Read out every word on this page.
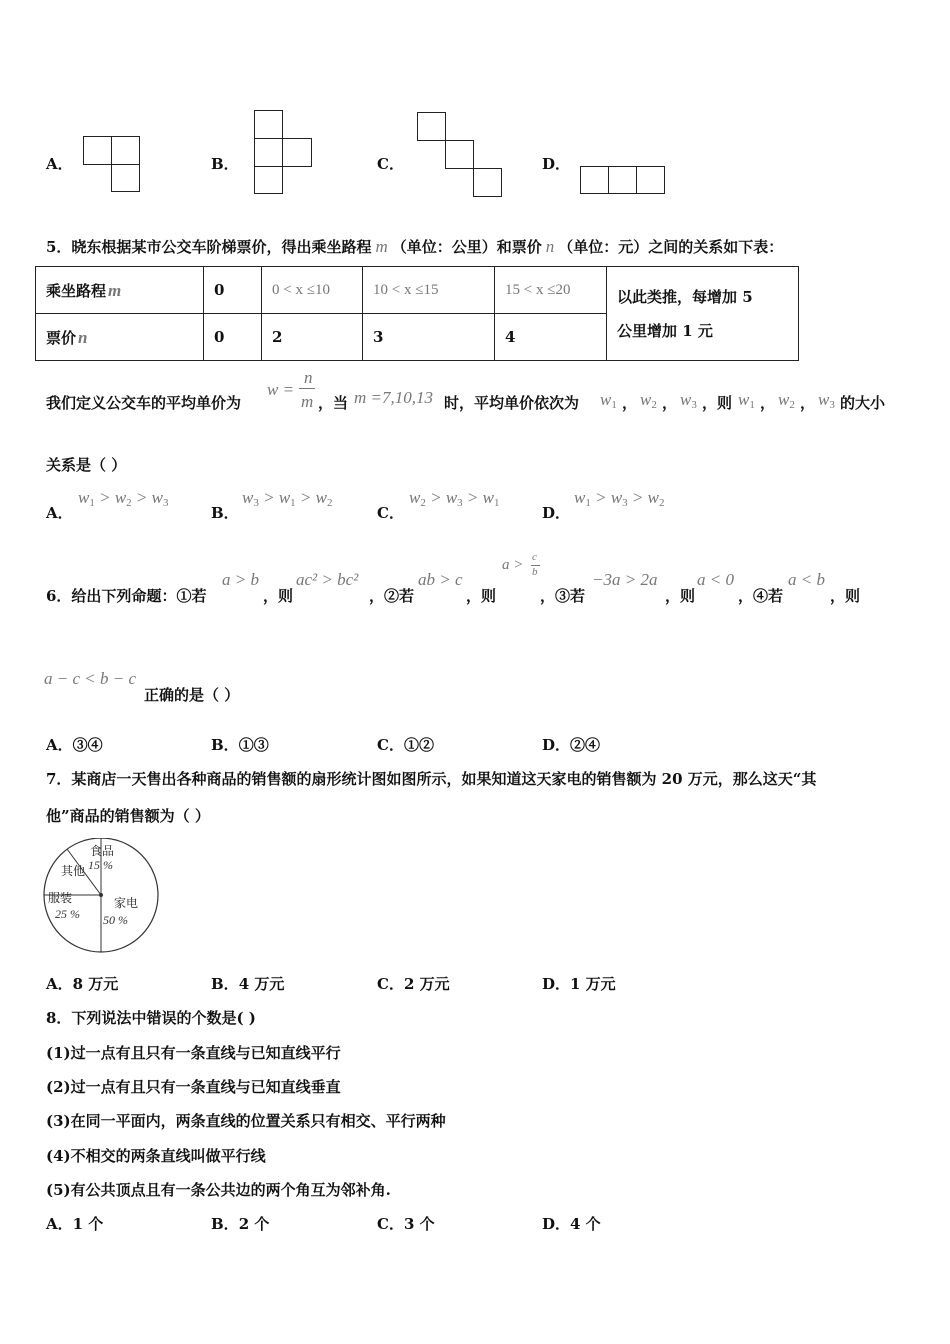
A．	B．	C．	D．
5．晓东根据某市公交车阶梯票价，得出乘坐路程 m （单位：公里）和票价 n （单位：元）之间的关系如下表：
乘坐路程 m	0	0 < x ≤10	10 < x ≤15	15 < x ≤20	以此类推，每增加 5
公里增加 1 元

票价 n	0	2	3	4	
我们定义公交车的平均单价为
w =
n
m ，当 m =7,10,13 时，平均单价依次为 $w_1$ ， $w_2$ ， $w_3$ ，则 $w_1$ ， $w_2$ ， $w_3$ 的大小
关系是（ ）
A．
$w_1 > w_2 > w_3$
B．
$w_3 > w_1 > w_2$
C．
$w_2 > w_3 > w_1$
D．
$w_1 > w_3 > w_2$
6．给出下列命题：①若
a > b
，则
ac² > bc²
，②若
ab > c
，则
a > c
b
，③若
−3a > 2a
，则
a < 0
，④若
a < b
，则
a − c < b − c
正确的是（ ）
A．③④	B．①③	C．①②	D．②④
7．某商店一天售出各种商品的销售额的扇形统计图如图所示，如果知道这天家电的销售额为 20 万元，那么这天“其
他”商品的销售额为（ ）
食品
15 %
其他
服装
25 %
家电
50 %
A．8 万元	B．4 万元	C．2 万元	D．1 万元
8．下列说法中错误的个数是( )
(1)过一点有且只有一条直线与已知直线平行
(2)过一点有且只有一条直线与已知直线垂直
(3)在同一平面内，两条直线的位置关系只有相交、平行两种
(4)不相交的两条直线叫做平行线
(5)有公共顶点且有一条公共边的两个角互为邻补角.
A．1 个	B．2 个	C．3 个	D．4 个
